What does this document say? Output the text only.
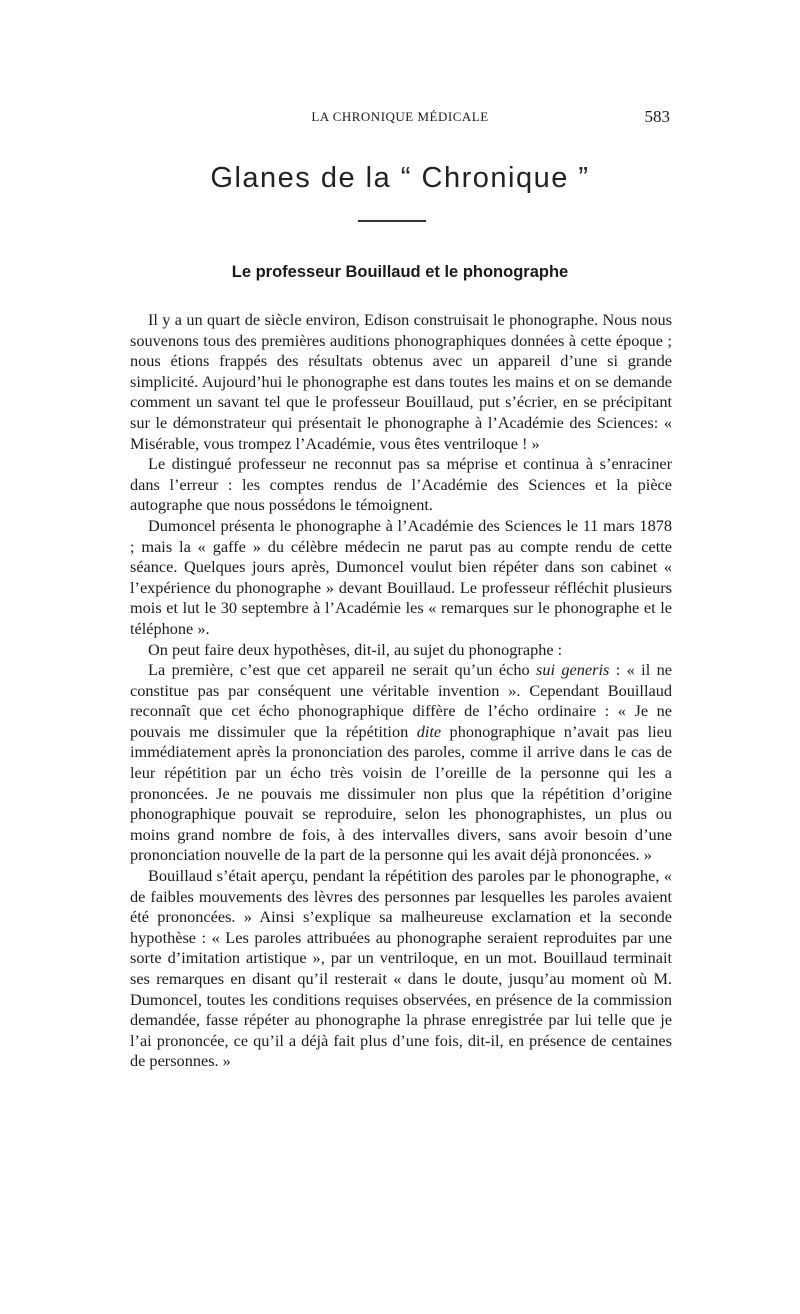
LA CHRONIQUE MÉDICALE	583
Glanes de la “ Chronique ”
Le professeur Bouillaud et le phonographe

Il y a un quart de siècle environ, Edison construisait le phonographe. Nous nous souvenons tous des premières auditions phonographiques données à cette époque ; nous étions frappés des résultats obtenus avec un appareil d’une si grande simplicité. Aujourd’hui le phonographe est dans toutes les mains et on se demande comment un savant tel que le professeur Bouillaud, put s’écrier, en se précipitant sur le démonstrateur qui présentait le phonographe à l’Académie des Sciences: « Misérable, vous trompez l’Académie, vous êtes ventriloque ! »

Le distingué professeur ne reconnut pas sa méprise et continua à s’enraciner dans l’erreur : les comptes rendus de l’Académie des Sciences et la pièce autographe que nous possédons le témoignent.

Dumoncel présenta le phonographe à l’Académie des Sciences le 11 mars 1878 ; mais la « gaffe » du célèbre médecin ne parut pas au compte rendu de cette séance. Quelques jours après, Dumoncel voulut bien répéter dans son cabinet « l’expérience du phonographe » devant Bouillaud. Le professeur réfléchit plusieurs mois et lut le 30 septembre à l’Académie les « remarques sur le phonographe et le téléphone ».

On peut faire deux hypothèses, dit-il, au sujet du phonographe :

La première, c’est que cet appareil ne serait qu’un écho sui generis : « il ne constitue pas par conséquent une véritable invention ». Cependant Bouillaud reconnaît que cet écho phonographique diffère de l’écho ordinaire : « Je ne pouvais me dissimuler que la répétition dite phonographique n’avait pas lieu immédiatement après la prononciation des paroles, comme il arrive dans le cas de leur répétition par un écho très voisin de l’oreille de la personne qui les a prononcées. Je ne pouvais me dissimuler non plus que la répétition d’origine phonographique pouvait se reproduire, selon les phonographistes, un plus ou moins grand nombre de fois, à des intervalles divers, sans avoir besoin d’une prononciation nouvelle de la part de la personne qui les avait déjà prononcées. »

Bouillaud s’était aperçu, pendant la répétition des paroles par le phonographe, « de faibles mouvements des lèvres des personnes par lesquelles les paroles avaient été prononcées. » Ainsi s’explique sa malheureuse exclamation et la seconde hypothèse : « Les paroles attribuées au phonographe seraient reproduites par une sorte d’imitation artistique », par un ventriloque, en un mot. Bouillaud terminait ses remarques en disant qu’il resterait « dans le doute, jusqu’au moment où M. Dumoncel, toutes les conditions requises observées, en présence de la commission demandée, fasse répéter au phonographe la phrase enregistrée par lui telle que je l’ai prononcée, ce qu’il a déjà fait plus d’une fois, dit-il, en présence de centaines de personnes. »
